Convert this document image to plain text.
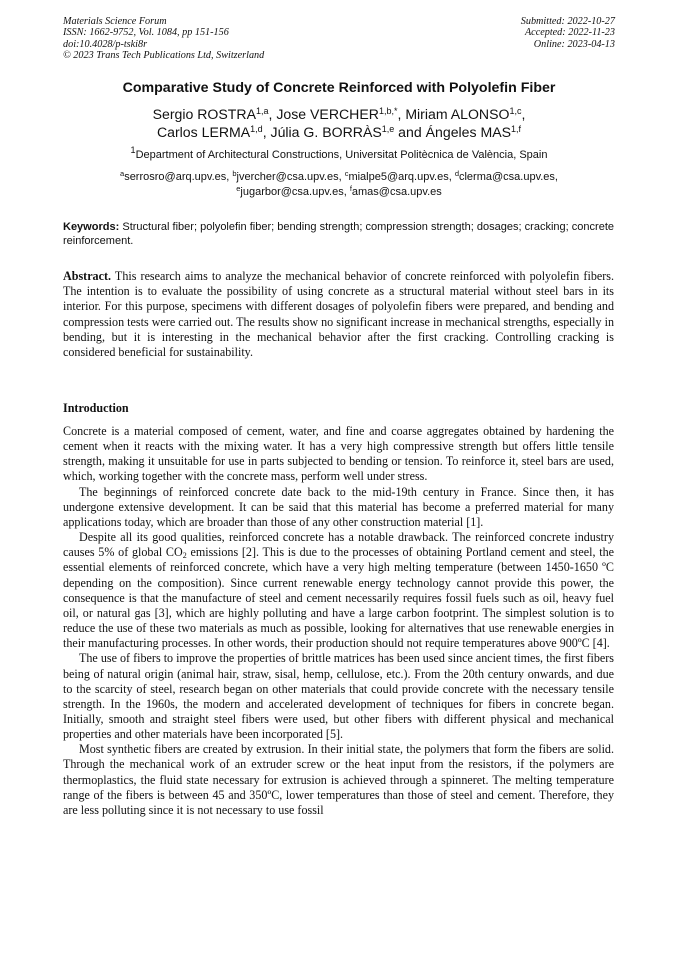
Materials Science Forum
ISSN: 1662-9752, Vol. 1084, pp 151-156
doi:10.4028/p-tski8r
© 2023 Trans Tech Publications Ltd, Switzerland
Submitted: 2022-10-27
Accepted: 2022-11-23
Online: 2023-04-13
Comparative Study of Concrete Reinforced with Polyolefin Fiber
Sergio ROSTRA$^{1,a}$, Jose $VERCHER^{1,b,*}$, Miriam ALONSO$^{1,c}$,
Carlos LERMA$^{1,d}$, Júlia G. BORRÀS$^{1,e}$ and Ángeles MAS$^{1,f}$
$^1$Department of Architectural Constructions, Universitat Politècnica de València, Spain
$^a$serrosro@arq.upv.es, $^b$jvercher@csa.upv.es, $^c$mialpe5@arq.upv.es, $^d$clerma@csa.upv.es,
$^e$jugarbor@csa.upv.es, $^f$amas@csa.upv.es
Keywords: Structural fiber; polyolefin fiber; bending strength; compression strength; dosages; cracking; concrete reinforcement.
Abstract. This research aims to analyze the mechanical behavior of concrete reinforced with polyolefin fibers. The intention is to evaluate the possibility of using concrete as a structural material without steel bars in its interior. For this purpose, specimens with different dosages of polyolefin fibers were prepared, and bending and compression tests were carried out. The results show no significant increase in mechanical strengths, especially in bending, but it is interesting in the mechanical behavior after the first cracking. Controlling cracking is considered beneficial for sustainability.
Introduction

Concrete is a material composed of cement, water, and fine and coarse aggregates obtained by hardening the cement when it reacts with the mixing water. It has a very high compressive strength but offers little tensile strength, making it unsuitable for use in parts subjected to bending or tension. To reinforce it, steel bars are used, which, working together with the concrete mass, perform well under stress.

The beginnings of reinforced concrete date back to the mid-19th century in France. Since then, it has undergone extensive development. It can be said that this material has become a preferred material for many applications today, which are broader than those of any other construction material [1].

Despite all its good qualities, reinforced concrete has a notable drawback. The reinforced concrete industry causes 5% of global $CO_2$ emissions [2]. This is due to the processes of obtaining Portland cement and steel, the essential elements of reinforced concrete, which have a very high melting temperature (between 1450-1650 ºC depending on the composition). Since current renewable energy technology cannot provide this power, the consequence is that the manufacture of steel and cement necessarily requires fossil fuels such as oil, heavy fuel oil, or natural gas [3], which are highly polluting and have a large carbon footprint. The simplest solution is to reduce the use of these two materials as much as possible, looking for alternatives that use renewable energies in their manufacturing processes. In other words, their production should not require temperatures above 900ºC [4].

The use of fibers to improve the properties of brittle matrices has been used since ancient times, the first fibers being of natural origin (animal hair, straw, sisal, hemp, cellulose, etc.). From the 20th century onwards, and due to the scarcity of steel, research began on other materials that could provide concrete with the necessary tensile strength. In the 1960s, the modern and accelerated development of techniques for fibers in concrete began. Initially, smooth and straight steel fibers were used, but other fibers with different physical and mechanical properties and other materials have been incorporated [5].

Most synthetic fibers are created by extrusion. In their initial state, the polymers that form the fibers are solid. Through the mechanical work of an extruder screw or the heat input from the resistors, if the polymers are thermoplastics, the fluid state necessary for extrusion is achieved through a spinneret. The melting temperature range of the fibers is between 45 and 350ºC, lower temperatures than those of steel and cement. Therefore, they are less polluting since it is not necessary to use fossil
